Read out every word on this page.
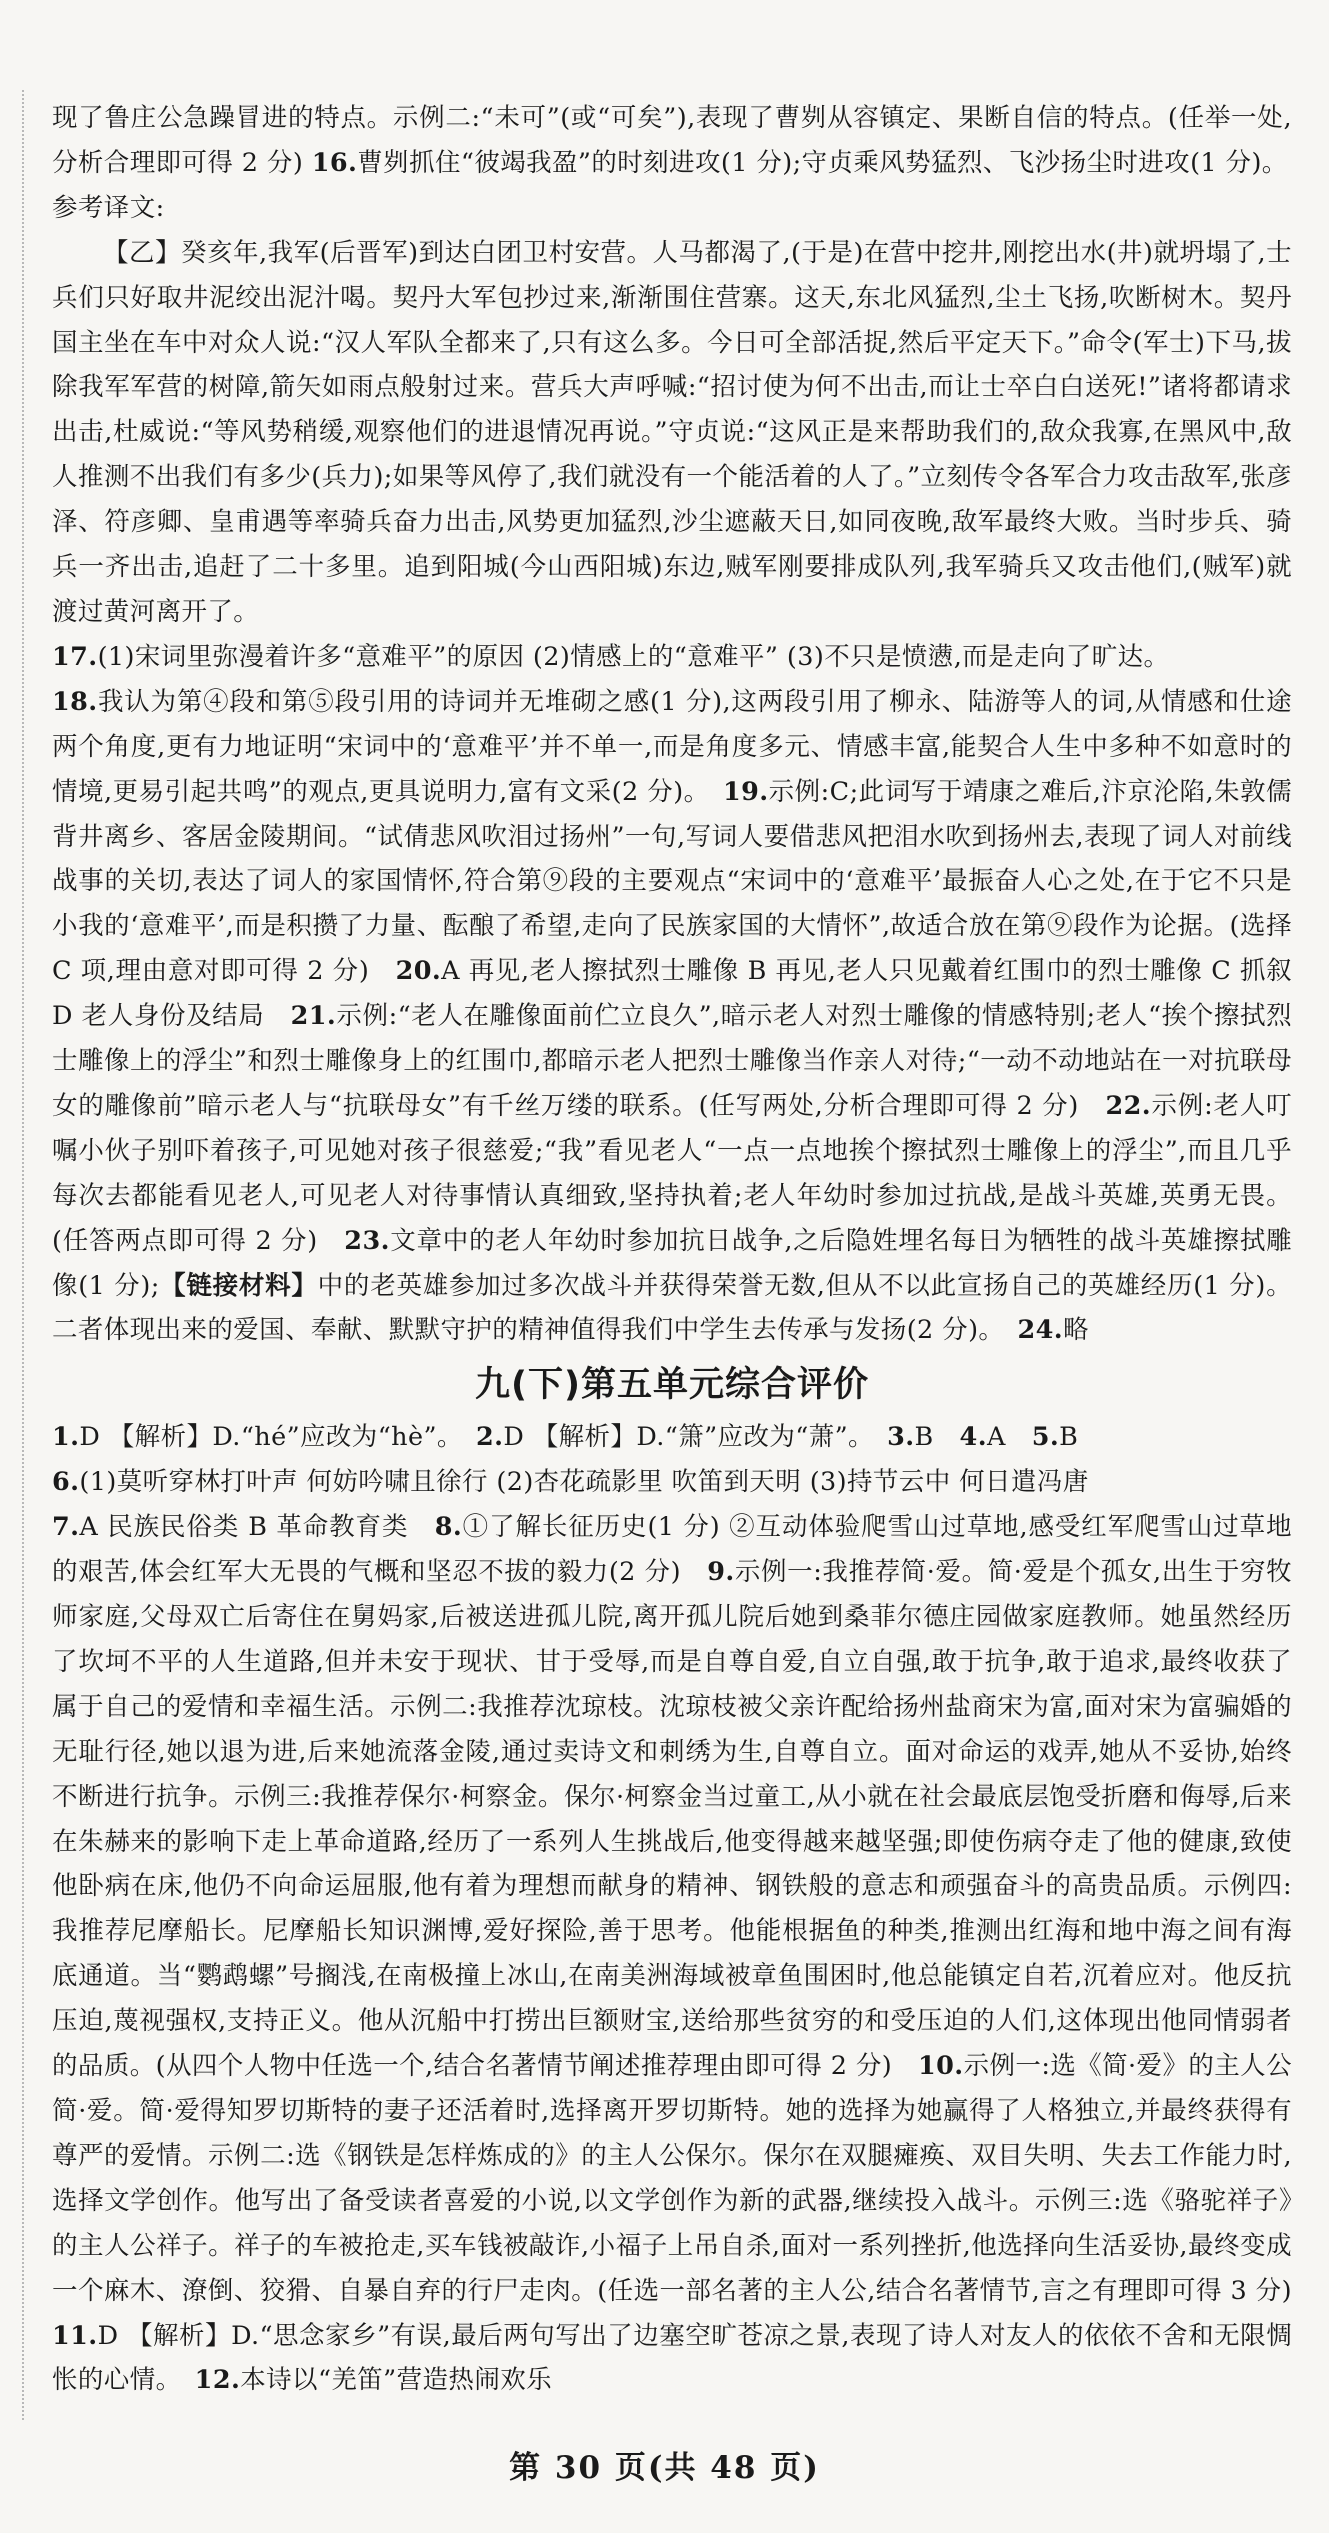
现了鲁庄公急躁冒进的特点。示例二:“未可”(或“可矣”),表现了曹刿从容镇定、果断自信的特点。(任举一处,分析合理即可得 2 分) 16.曹刿抓住“彼竭我盈”的时刻进攻(1 分);守贞乘风势猛烈、飞沙扬尘时进攻(1 分)。

参考译文:

【乙】癸亥年,我军(后晋军)到达白团卫村安营。人马都渴了,(于是)在营中挖井,刚挖出水(井)就坍塌了,士兵们只好取井泥绞出泥汁喝。契丹大军包抄过来,渐渐围住营寨。这天,东北风猛烈,尘土飞扬,吹断树木。契丹国主坐在车中对众人说:“汉人军队全都来了,只有这么多。今日可全部活捉,然后平定天下。”命令(军士)下马,拔除我军军营的树障,箭矢如雨点般射过来。营兵大声呼喊:“招讨使为何不出击,而让士卒白白送死!”诸将都请求出击,杜威说:“等风势稍缓,观察他们的进退情况再说。”守贞说:“这风正是来帮助我们的,敌众我寡,在黑风中,敌人推测不出我们有多少(兵力);如果等风停了,我们就没有一个能活着的人了。”立刻传令各军合力攻击敌军,张彦泽、符彦卿、皇甫遇等率骑兵奋力出击,风势更加猛烈,沙尘遮蔽天日,如同夜晚,敌军最终大败。当时步兵、骑兵一齐出击,追赶了二十多里。追到阳城(今山西阳城)东边,贼军刚要排成队列,我军骑兵又攻击他们,(贼军)就渡过黄河离开了。

17.(1)宋词里弥漫着许多“意难平”的原因 (2)情感上的“意难平” (3)不只是愤懑,而是走向了旷达。

18.我认为第④段和第⑤段引用的诗词并无堆砌之感(1 分),这两段引用了柳永、陆游等人的词,从情感和仕途两个角度,更有力地证明“宋词中的‘意难平’并不单一,而是角度多元、情感丰富,能契合人生中多种不如意时的情境,更易引起共鸣”的观点,更具说明力,富有文采(2 分)。　 19.示例:C;此词写于靖康之难后,汴京沦陷,朱敦儒背井离乡、客居金陵期间。“试倩悲风吹泪过扬州”一句,写词人要借悲风把泪水吹到扬州去,表现了词人对前线战事的关切,表达了词人的家国情怀,符合第⑨段的主要观点“宋词中的‘意难平’最振奋人心之处,在于它不只是小我的‘意难平’,而是积攒了力量、酝酿了希望,走向了民族家国的大情怀”,故适合放在第⑨段作为论据。(选择 C 项,理由意对即可得 2 分)　 20.A 再见,老人擦拭烈士雕像 B 再见,老人只见戴着红围巾的烈士雕像 C 抓叙 D 老人身份及结局　 21.示例:“老人在雕像面前伫立良久”,暗示老人对烈士雕像的情感特别;老人“挨个擦拭烈士雕像上的浮尘”和烈士雕像身上的红围巾,都暗示老人把烈士雕像当作亲人对待;“一动不动地站在一对抗联母女的雕像前”暗示老人与“抗联母女”有千丝万缕的联系。(任写两处,分析合理即可得 2 分)　 22.示例:老人叮嘱小伙子别吓着孩子,可见她对孩子很慈爱;“我”看见老人“一点一点地挨个擦拭烈士雕像上的浮尘”,而且几乎每次去都能看见老人,可见老人对待事情认真细致,坚持执着;老人年幼时参加过抗战,是战斗英雄,英勇无畏。(任答两点即可得 2 分)　 23.文章中的老人年幼时参加抗日战争,之后隐姓埋名每日为牺牲的战斗英雄擦拭雕像(1 分);【链接材料】中的老英雄参加过多次战斗并获得荣誉无数,但从不以此宣扬自己的英雄经历(1 分)。二者体现出来的爱国、奉献、默默守护的精神值得我们中学生去传承与发扬(2 分)。　 24.略

九(下)第五单元综合评价

1.D 【解析】D.“hé”应改为“hè”。　 2.D 【解析】D.“箫”应改为“萧”。　 3.B　 4.A　 5.B

6.(1)莫听穿林打叶声 何妨吟啸且徐行 (2)杏花疏影里 吹笛到天明 (3)持节云中 何日遣冯唐

7.A 民族民俗类 B 革命教育类　 8.①了解长征历史(1 分) ②互动体验爬雪山过草地,感受红军爬雪山过草地的艰苦,体会红军大无畏的气概和坚忍不拔的毅力(2 分)　 9.示例一:我推荐简·爱。简·爱是个孤女,出生于穷牧师家庭,父母双亡后寄住在舅妈家,后被送进孤儿院,离开孤儿院后她到桑菲尔德庄园做家庭教师。她虽然经历了坎坷不平的人生道路,但并未安于现状、甘于受辱,而是自尊自爱,自立自强,敢于抗争,敢于追求,最终收获了属于自己的爱情和幸福生活。示例二:我推荐沈琼枝。沈琼枝被父亲许配给扬州盐商宋为富,面对宋为富骗婚的无耻行径,她以退为进,后来她流落金陵,通过卖诗文和刺绣为生,自尊自立。面对命运的戏弄,她从不妥协,始终不断进行抗争。示例三:我推荐保尔·柯察金。保尔·柯察金当过童工,从小就在社会最底层饱受折磨和侮辱,后来在朱赫来的影响下走上革命道路,经历了一系列人生挑战后,他变得越来越坚强;即使伤病夺走了他的健康,致使他卧病在床,他仍不向命运屈服,他有着为理想而献身的精神、钢铁般的意志和顽强奋斗的高贵品质。示例四:我推荐尼摩船长。尼摩船长知识渊博,爱好探险,善于思考。他能根据鱼的种类,推测出红海和地中海之间有海底通道。当“鹦鹉螺”号搁浅,在南极撞上冰山,在南美洲海域被章鱼围困时,他总能镇定自若,沉着应对。他反抗压迫,蔑视强权,支持正义。他从沉船中打捞出巨额财宝,送给那些贫穷的和受压迫的人们,这体现出他同情弱者的品质。(从四个人物中任选一个,结合名著情节阐述推荐理由即可得 2 分)　 10.示例一:选《简·爱》的主人公简·爱。简·爱得知罗切斯特的妻子还活着时,选择离开罗切斯特。她的选择为她赢得了人格独立,并最终获得有尊严的爱情。示例二:选《钢铁是怎样炼成的》的主人公保尔。保尔在双腿瘫痪、双目失明、失去工作能力时,选择文学创作。他写出了备受读者喜爱的小说,以文学创作为新的武器,继续投入战斗。示例三:选《骆驼祥子》的主人公祥子。祥子的车被抢走,买车钱被敲诈,小福子上吊自杀,面对一系列挫折,他选择向生活妥协,最终变成一个麻木、潦倒、狡猾、自暴自弃的行尸走肉。(任选一部名著的主人公,结合名著情节,言之有理即可得 3 分)　11.D 【解析】D.“思念家乡”有误,最后两句写出了边塞空旷苍凉之景,表现了诗人对友人的依依不舍和无限惆怅的心情。　 12.本诗以“羌笛”营造热闹欢乐

第 30 页(共 48 页)
